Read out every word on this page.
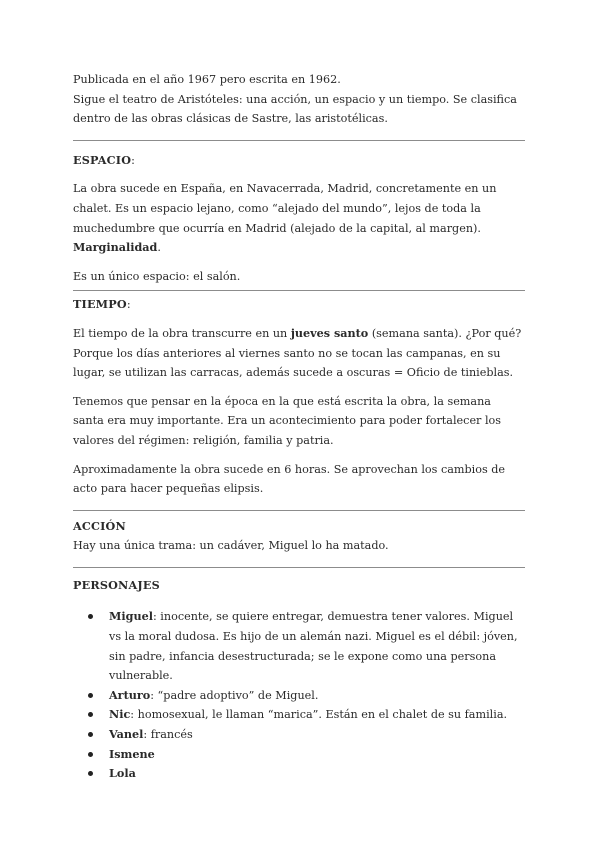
Publicada en el año 1967 pero escrita en 1962.

Sigue el teatro de Aristóteles: una acción, un espacio y un tiempo. Se clasifica dentro de las obras clásicas de Sastre, las aristotélicas.

ESPACIO:

La obra sucede en España, en Navacerrada, Madrid, concretamente en un chalet. Es un espacio lejano, como “alejado del mundo”, lejos de toda la muchedumbre que ocurría en Madrid (alejado de la capital, al margen). Marginalidad.

Es un único espacio: el salón.

TIEMPO:

El tiempo de la obra transcurre en un jueves santo (semana santa). ¿Por qué? Porque los días anteriores al viernes santo no se tocan las campanas, en su lugar, se utilizan las carracas, además sucede a oscuras = Oficio de tinieblas.

Tenemos que pensar en la época en la que está escrita la obra, la semana santa era muy importante. Era un acontecimiento para poder fortalecer los valores del régimen: religión, familia y patria.

Aproximadamente la obra sucede en 6 horas. Se aprovechan los cambios de acto para hacer pequeñas elipsis.

ACCIÓN

Hay una única trama: un cadáver, Miguel lo ha matado.

PERSONAJES

Miguel: inocente, se quiere entregar, demuestra tener valores. Miguel vs la moral dudosa. Es hijo de un alemán nazi. Miguel es el débil: jóven, sin padre, infancia desestructurada; se le expone como una persona vulnerable.
Arturo: “padre adoptivo” de Miguel.
Nic: homosexual, le llaman “marica”. Están en el chalet de su familia.
Vanel: francés
Ismene
Lola
